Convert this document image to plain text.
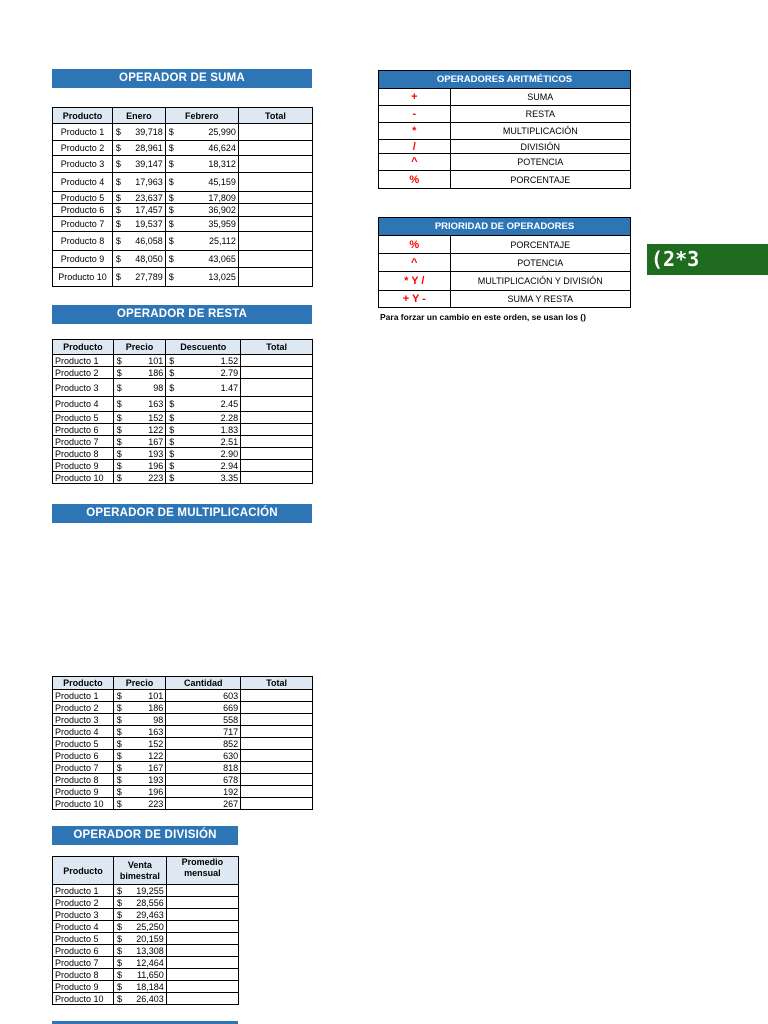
OPERADOR DE SUMA
Producto	Enero	Febrero	Total
Producto 1	$ 39,718	$ 25,990	

Producto 2	$ 28,961	$ 46,624	

Producto 3	$ 39,147	$ 18,312	

Producto 4	$ 17,963	$ 45,159	

Producto 5	$ 23,637	$ 17,809	

Producto 6	$ 17,457	$ 36,902	

Producto 7	$ 19,537	$ 35,959	

Producto 8	$ 46,058	$ 25,112	

Producto 9	$ 48,050	$ 43,065	

Producto 10	$ 27,789	$ 13,025	

OPERADOR DE RESTA
Producto	Precio	Descuento	Total
Producto 1	$ 101	$ 1.52	

Producto 2	$ 186	$ 2.79	

Producto 3	$ 98	$ 1.47	

Producto 4	$ 163	$ 2.45	

Producto 5	$ 152	$ 2.28	

Producto 6	$ 122	$ 1.83	

Producto 7	$ 167	$ 2.51	

Producto 8	$ 193	$ 2.90	

Producto 9	$ 196	$ 2.94	

Producto 10	$ 223	$ 3.35	

OPERADOR DE MULTIPLICACIÓN
Producto	Precio	Cantidad	Total
Producto 1	$ 101	603	
Producto 2	$ 186	669	
Producto 3	$ 98	558	
Producto 4	$ 163	717	
Producto 5	$ 152	852	
Producto 6	$ 122	630	
Producto 7	$ 167	818	
Producto 8	$ 193	678	
Producto 9	$ 196	192	
Producto 10	$ 223	267	
OPERADOR DE DIVISIÓN
Producto	Venta bimestral	Promedio mensual
Producto 1	$ 19,255	

Producto 2	$ 28,556	

Producto 3	$ 29,463	

Producto 4	$ 25,250	

Producto 5	$ 20,159	

Producto 6	$ 13,308	

Producto 7	$ 12,464	

Producto 8	$ 11,650	

Producto 9	$ 18,184	

Producto 10	$ 26,403	

OPERADORES ARITMÉTICOS	
+	SUMA
-	RESTA
*	MULTIPLICACIÓN
/	DIVISIÓN
^	POTENCIA
%	PORCENTAJE
PRIORIDAD DE OPERADORES	
%	PORCENTAJE
^	POTENCIA
* Y /	MULTIPLICACIÓN Y DIVISIÓN
+ Y -	SUMA Y RESTA
Para forzar un cambio en este orden, se usan los ()
(2*3
